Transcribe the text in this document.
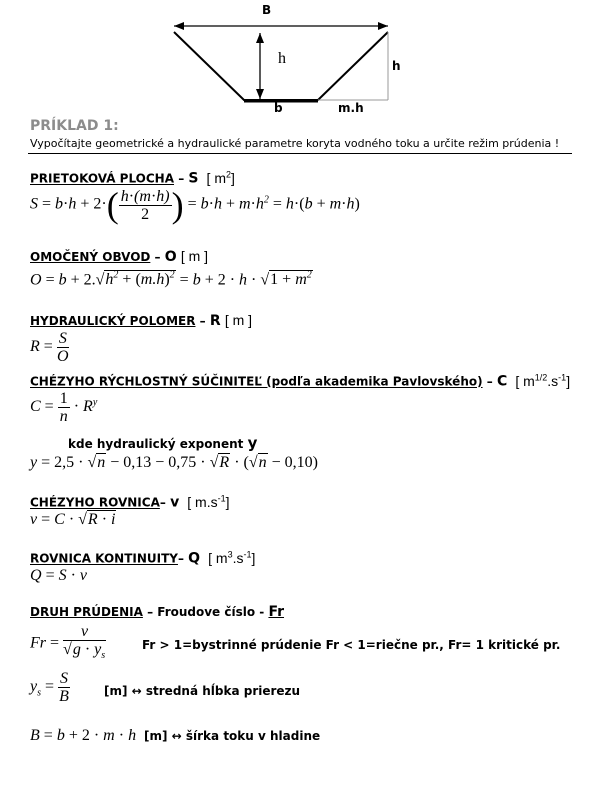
B
h	h
b	m.h
PRÍKLAD 1:
Vypočítajte geometrické a hydraulické parametre koryta vodného toku a určite režim prúdenia !
PRIETOKOVÁ PLOCHA – S [ $m^2$]
$S = b\cdot h + 2\cdot( \frac{h\cdot(m\cdot h)}{2}$ ) = $b\cdot h + m\cdot h^2 = h\cdot(b + m\cdot h)$
OMOČENÝ OBVOD – O [ m ]
$O = b + 2.√h^2 + (m.h)^2 = b + 2 \cdot h \cdot √1 + m^2$
HYDRAULICKÝ POLOMER – R [ m ]
$R = \frac{S}{O}$
CHÉZYHO RÝCHLOSTNÝ SÚČINITEĽ (podľa akademika Pavlovského) – C [ $m^{1/2}.s^{-1}$]
$C = \frac{1}{n} \cdot R^y$
kde hydraulický exponent y
y = 2,5 · √n − 0,13 − 0,75 · √R · (√n − 0,10)
CHÉZYHO ROVNICA– v [ $m.s^{-1}$]
v = C · √R · i
ROVNICA KONTINUITY– Q [ $m^3.s^{-1}$]
Q = S · v
DRUH PRÚDENIA – Froudove číslo - Fr
$Fr = \frac{v}{√g \cdot y_s}$	Fr > 1=bystrinné prúdenie Fr < 1=riečne pr., Fr= 1 kritické pr.
$y_s = \frac{S}{B}$	[m] ↔ stredná hĺbka prierezu
B = b + 2 · m · h [m] ↔ šírka toku v hladine
